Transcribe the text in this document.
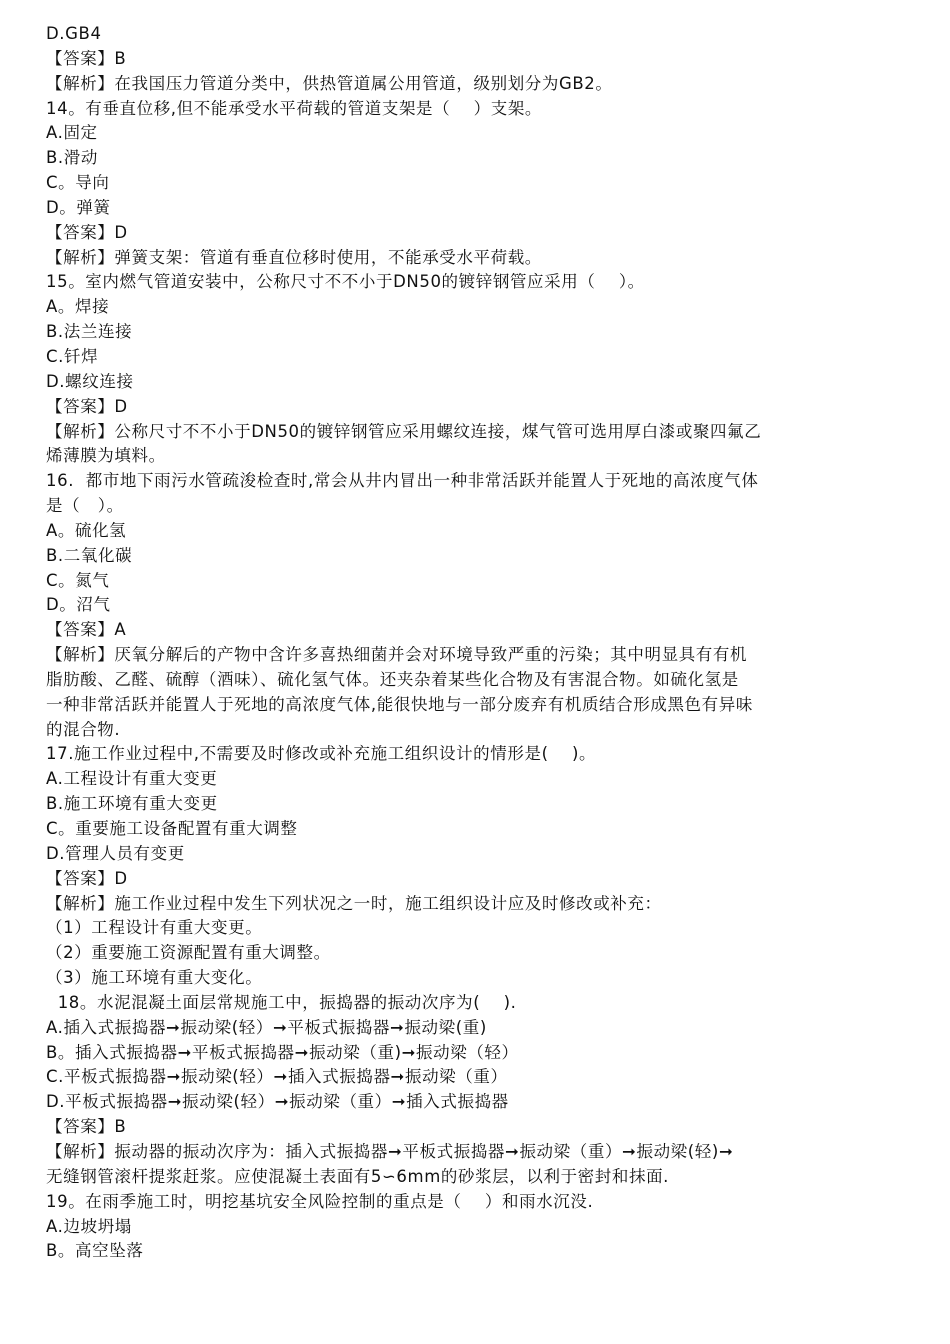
D.GB4
【答案】B
【解析】在我国压力管道分类中，供热管道属公用管道，级别划分为GB2。
14。有垂直位移,但不能承受水平荷载的管道支架是（    ）支架。
A.固定
B.滑动
C。导向
D。弹簧
【答案】D
【解析】弹簧支架：管道有垂直位移时使用，不能承受水平荷载。
15。室内燃气管道安装中，公称尺寸不不小于DN50的镀锌钢管应采用（    ）。
A。焊接
B.法兰连接
C.钎焊
D.螺纹连接
【答案】D
【解析】公称尺寸不不小于DN50的镀锌钢管应采用螺纹连接，煤气管可选用厚白漆或聚四氟乙
烯薄膜为填料。
16.  都市地下雨污水管疏浚检查时,常会从井内冒出一种非常活跃并能置人于死地的高浓度气体
是（   ）。
A。硫化氢
B.二氧化碳
C。氮气
D。沼气
【答案】A
【解析】厌氧分解后的产物中含许多喜热细菌并会对环境导致严重的污染；其中明显具有有机
脂肪酸、乙醛、硫醇（酒味）、硫化氢气体。还夹杂着某些化合物及有害混合物。如硫化氢是
一种非常活跃并能置人于死地的高浓度气体,能很快地与一部分废弃有机质结合形成黑色有异味
的混合物.
17.施工作业过程中,不需要及时修改或补充施工组织设计的情形是(    )。
A.工程设计有重大变更
B.施工环境有重大变更
C。重要施工设备配置有重大调整
D.管理人员有变更
【答案】D
【解析】施工作业过程中发生下列状况之一时，施工组织设计应及时修改或补充：
（1）工程设计有重大变更。
（2）重要施工资源配置有重大调整。
（3）施工环境有重大变化。
18。水泥混凝土面层常规施工中，振捣器的振动次序为(    ).
A.插入式振捣器➞振动梁(轻）➞平板式振捣器➞振动梁(重)
B。插入式振捣器➞平板式振捣器➞振动梁（重)➞振动梁（轻）
C.平板式振捣器➞振动梁(轻）➞插入式振捣器➞振动梁（重）
D.平板式振捣器➞振动梁(轻）➞振动梁（重）➞插入式振捣器
【答案】B
【解析】振动器的振动次序为：插入式振捣器➞平板式振捣器➞振动梁（重）➞振动梁(轻)➞
无缝钢管滚杆提浆赶浆。应使混凝土表面有5∽6mm的砂浆层，以利于密封和抹面.
19。在雨季施工时，明挖基坑安全风险控制的重点是（    ）和雨水沉没.
A.边坡坍塌
B。高空坠落
